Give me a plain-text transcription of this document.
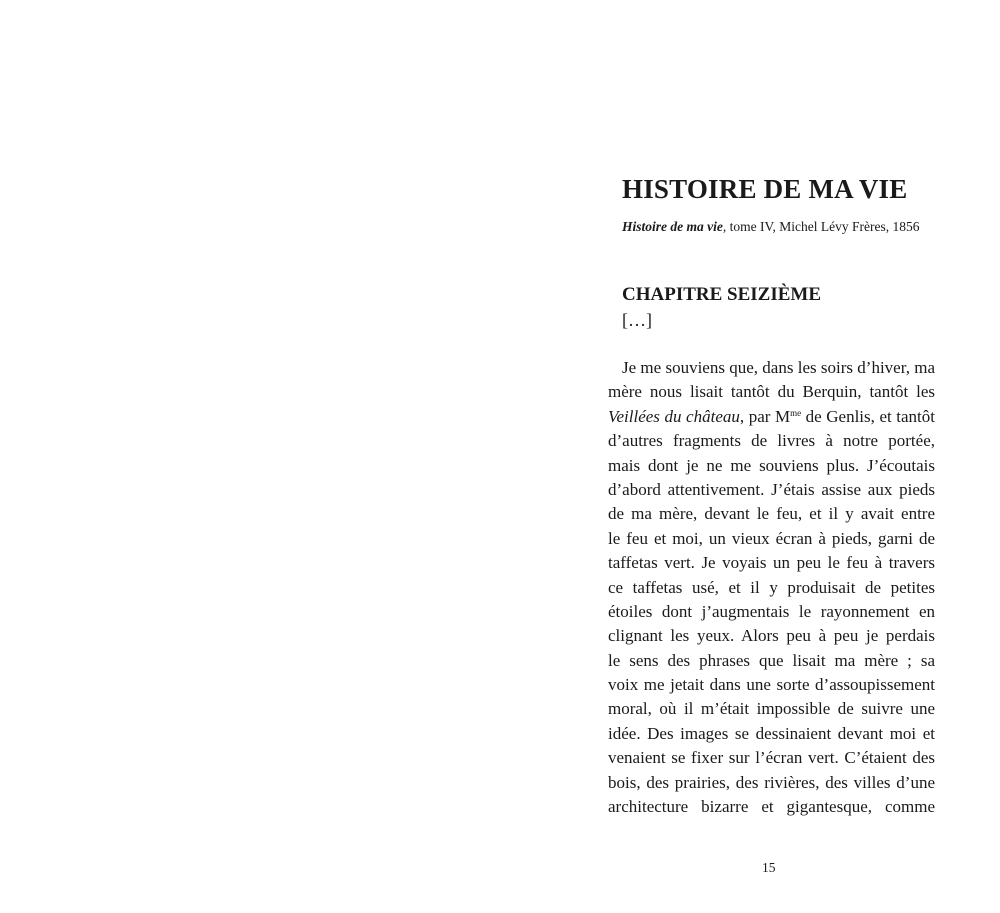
HISTOIRE DE MA VIE

Histoire de ma vie, tome IV, Michel Lévy Frères, 1856

CHAPITRE SEIZIÈME

[…]

Je me souviens que, dans les soirs d’hiver, ma
mère nous lisait tantôt du Berquin, tantôt les
Veillées du château, par $M^{me}$ de Genlis, et tantôt
d’autres fragments de livres à notre portée,
mais dont je ne me souviens plus. J’écoutais
d’abord attentivement. J’étais assise aux pieds
de ma mère, devant le feu, et il y avait entre
le feu et moi, un vieux écran à pieds, garni de
taffetas vert. Je voyais un peu le feu à travers
ce taffetas usé, et il y produisait de petites
étoiles dont j’augmentais le rayonnement en
clignant les yeux. Alors peu à peu je perdais
le sens des phrases que lisait ma mère ; sa
voix me jetait dans une sorte d’assoupissement
moral, où il m’était impossible de suivre une
idée. Des images se dessinaient devant moi et
venaient se fixer sur l’écran vert. C’étaient des
bois, des prairies, des rivières, des villes d’une
architecture bizarre et gigantesque, comme

15
